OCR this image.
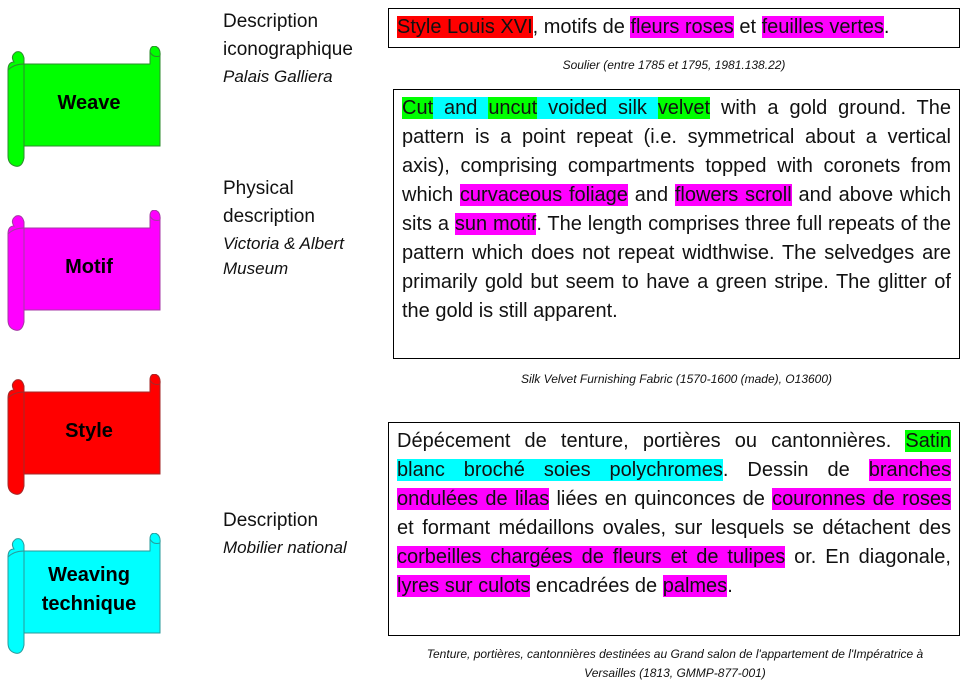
Weave
Motif
Style
Weaving technique
Description iconographique
Palais Galliera
Style Louis XVI, motifs de fleurs roses et feuilles vertes.
Soulier (entre 1785 et 1795, 1981.138.22)
Physical description
Victoria & Albert Museum
Cut and uncut voided silk velvet with a gold ground. The pattern is a point repeat (i.e. symmetrical about a vertical axis), comprising compartments topped with coronets from which curvaceous foliage and flowers scroll and above which sits a sun motif. The length comprises three full repeats of the pattern which does not repeat widthwise. The selvedges are primarily gold but seem to have a green stripe. The glitter of the gold is still apparent.
Silk Velvet Furnishing Fabric (1570-1600 (made), O13600)
Description
Mobilier national
Dépécement de tenture, portières ou cantonnières. Satin blanc broché soies polychromes. Dessin de branches ondulées de lilas liées en quinconces de couronnes de roses et formant médaillons ovales, sur lesquels se détachent des corbeilles chargées de fleurs et de tulipes or. En diagonale, lyres sur culots encadrées de palmes.
Tenture, portières, cantonnières destinées au Grand salon de l'appartement de l'Impératrice à Versailles (1813, GMMP-877-001)
